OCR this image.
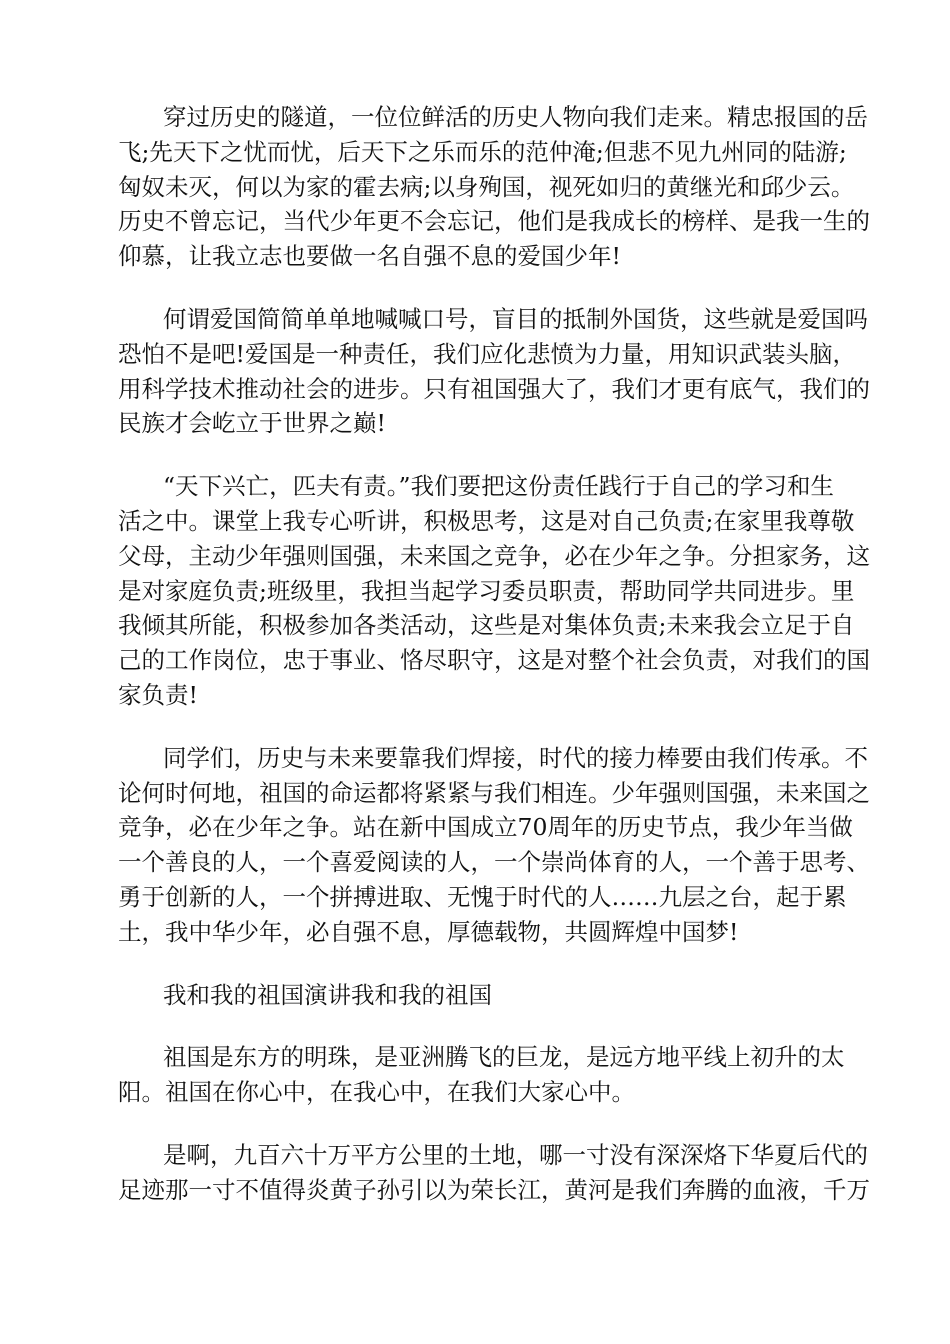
穿过历史的隧道，一位位鲜活的历史人物向我们走来。精忠报国的岳
飞;先天下之忧而忧，后天下之乐而乐的范仲淹;但悲不见九州同的陆游;
匈奴未灭，何以为家的霍去病;以身殉国，视死如归的黄继光和邱少云。
历史不曾忘记，当代少年更不会忘记，他们是我成长的榜样、是我一生的
仰慕，让我立志也要做一名自强不息的爱国少年!
何谓爱国简简单单地喊喊口号，盲目的抵制外国货，这些就是爱国吗
恐怕不是吧!爱国是一种责任，我们应化悲愤为力量，用知识武装头脑，
用科学技术推动社会的进步。只有祖国强大了，我们才更有底气，我们的
民族才会屹立于世界之巅!
“天下兴亡，匹夫有责。”我们要把这份责任践行于自己的学习和生
活之中。课堂上我专心听讲，积极思考，这是对自己负责;在家里我尊敬
父母，主动少年强则国强，未来国之竞争，必在少年之争。分担家务，这
是对家庭负责;班级里，我担当起学习委员职责，帮助同学共同进步。里
我倾其所能，积极参加各类活动，这些是对集体负责;未来我会立足于自
己的工作岗位，忠于事业、恪尽职守，这是对整个社会负责，对我们的国
家负责!
同学们，历史与未来要靠我们焊接，时代的接力棒要由我们传承。不
论何时何地，祖国的命运都将紧紧与我们相连。少年强则国强，未来国之
竞争，必在少年之争。站在新中国成立70周年的历史节点，我少年当做
一个善良的人，一个喜爱阅读的人，一个崇尚体育的人，一个善于思考、
勇于创新的人，一个拼搏进取、无愧于时代的人……九层之台，起于累
土，我中华少年，必自强不息，厚德载物，共圆辉煌中国梦!
我和我的祖国演讲我和我的祖国
祖国是东方的明珠，是亚洲腾飞的巨龙，是远方地平线上初升的太
阳。祖国在你心中，在我心中，在我们大家心中。
是啊，九百六十万平方公里的土地，哪一寸没有深深烙下华夏后代的
足迹那一寸不值得炎黄子孙引以为荣长江，黄河是我们奔腾的血液，千万
